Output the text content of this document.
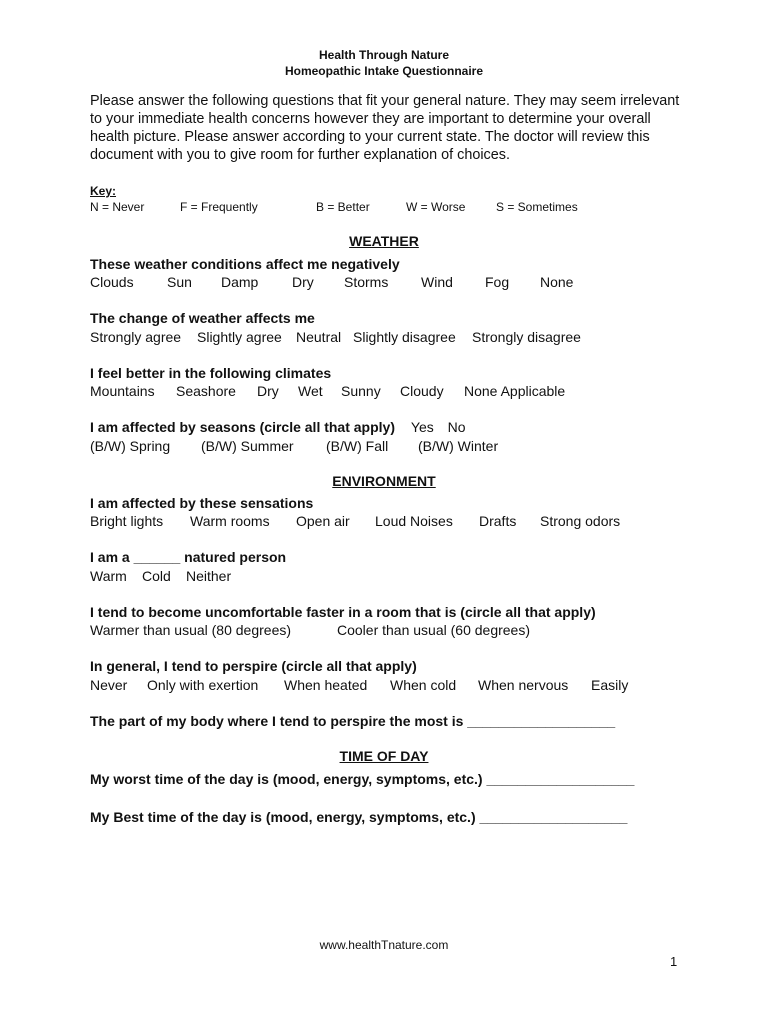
Health Through Nature
Homeopathic Intake Questionnaire
Please answer the following questions that fit your general nature. They may seem irrelevant to your immediate health concerns however they are important to determine your overall health picture. Please answer according to your current state. The doctor will review this document with you to give room for further explanation of choices.
Key:
N = Never	F = Frequently	B = Better	W = Worse	S = Sometimes
WEATHER
These weather conditions affect me negatively
Clouds Sun Damp Dry Storms Wind Fog None
The change of weather affects me
Strongly agree Slightly agree Neutral Slightly disagree Strongly disagree
I feel better in the following climates
Mountains Seashore Dry Wet Sunny Cloudy None Applicable
I am affected by seasons (circle all that apply) Yes No
(B/W) Spring (B/W) Summer (B/W) Fall (B/W) Winter
ENVIRONMENT
I am affected by these sensations
Bright lights Warm rooms Open air Loud Noises Drafts Strong odors
I am a ______ natured person
Warm Cold Neither
I tend to become uncomfortable faster in a room that is (circle all that apply)
Warmer than usual (80 degrees)	Cooler than usual (60 degrees)
In general, I tend to perspire (circle all that apply)
Never Only with exertion When heated When cold When nervous Easily
The part of my body where I tend to perspire the most is ___________________
TIME OF DAY
My worst time of the day is (mood, energy, symptoms, etc.) ___________________
My Best time of the day is (mood, energy, symptoms, etc.) ___________________
www.healthTnature.com
1
